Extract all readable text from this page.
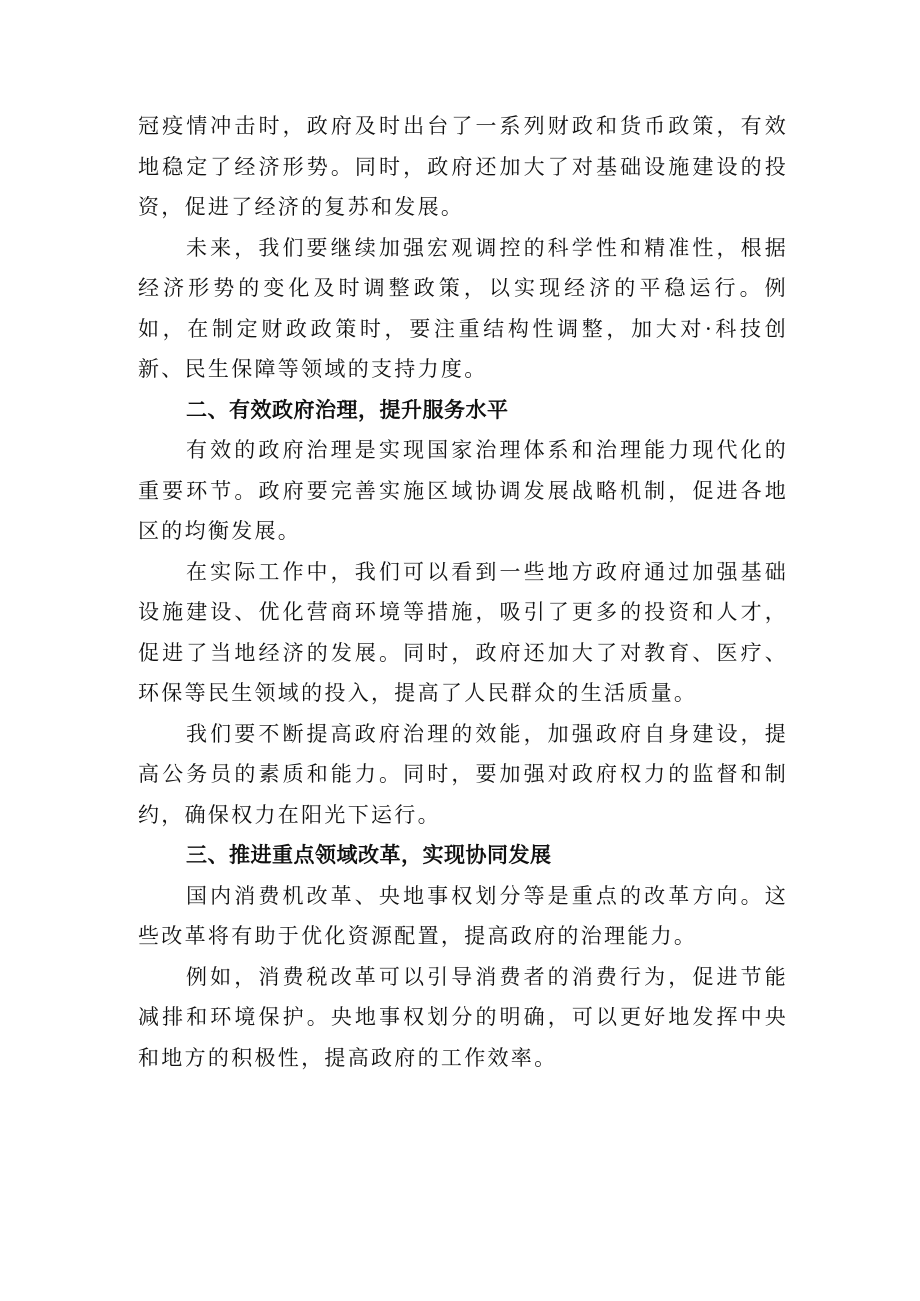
冠疫情冲击时，政府及时出台了一系列财政和货币政策，有效地稳定了经济形势。同时，政府还加大了对基础设施建设的投资，促进了经济的复苏和发展。

未来，我们要继续加强宏观调控的科学性和精准性，根据经济形势的变化及时调整政策，以实现经济的平稳运行。例如，在制定财政政策时，要注重结构性调整，加大对·科技创新、民生保障等领域的支持力度。

二、有效政府治理，提升服务水平

有效的政府治理是实现国家治理体系和治理能力现代化的重要环节。政府要完善实施区域协调发展战略机制，促进各地区的均衡发展。

在实际工作中，我们可以看到一些地方政府通过加强基础设施建设、优化营商环境等措施，吸引了更多的投资和人才，促进了当地经济的发展。同时，政府还加大了对教育、医疗、环保等民生领域的投入，提高了人民群众的生活质量。

我们要不断提高政府治理的效能，加强政府自身建设，提高公务员的素质和能力。同时，要加强对政府权力的监督和制约，确保权力在阳光下运行。

三、推进重点领域改革，实现协同发展

国内消费机改革、央地事权划分等是重点的改革方向。这些改革将有助于优化资源配置，提高政府的治理能力。

例如，消费税改革可以引导消费者的消费行为，促进节能减排和环境保护。央地事权划分的明确，可以更好地发挥中央和地方的积极性，提高政府的工作效率。
